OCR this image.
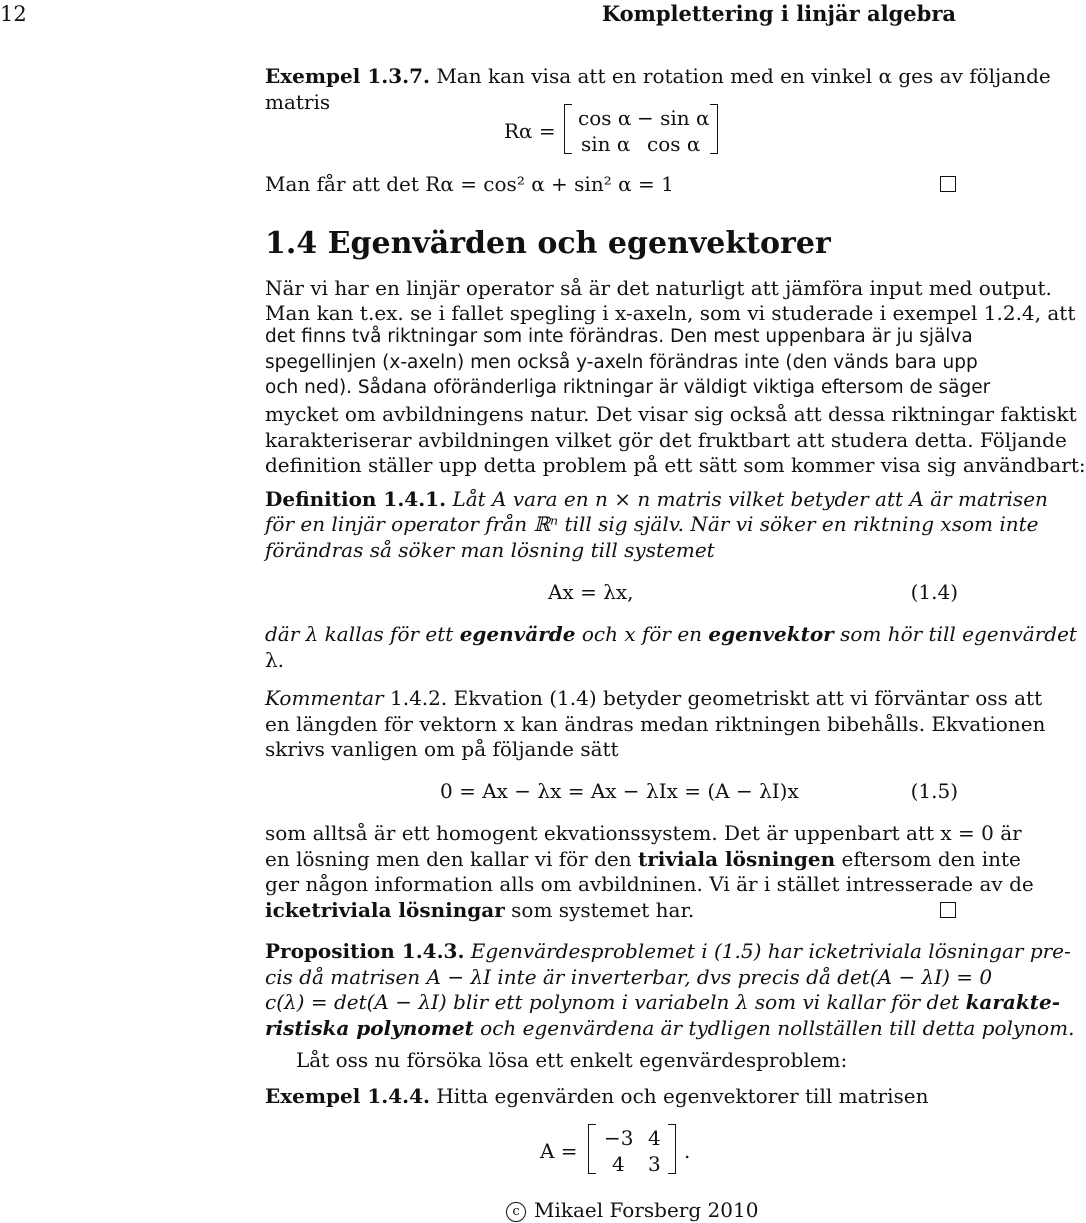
12	Komplettering i linjär algebra
Exempel 1.3.7. Man kan visa att en rotation med en vinkel α ges av följande
matris
Rα =
cos α − sin α
sin α cos α
Man får att det Rα = cos² α + sin² α = 1
1.4 Egenvärden och egenvektorer
När vi har en linjär operator så är det naturligt att jämföra input med output.
Man kan t.ex. se i fallet spegling i x-axeln, som vi studerade i exempel 1.2.4, att
det finns två riktningar som inte förändras. Den mest uppenbara är ju själva
spegellinjen (x-axeln) men också y-axeln förändras inte (den vänds bara upp
och ned). Sådana oföränderliga riktningar är väldigt viktiga eftersom de säger
mycket om avbildningens natur. Det visar sig också att dessa riktningar faktiskt
karakteriserar avbildningen vilket gör det fruktbart att studera detta. Följande
definition ställer upp detta problem på ett sätt som kommer visa sig användbart:
Definition 1.4.1. Låt A vara en n × n matris vilket betyder att A är matrisen
för en linjär operator från ℝⁿ till sig själv. När vi söker en riktning xsom inte
förändras så söker man lösning till systemet
Ax = λx,	(1.4)
där λ kallas för ett egenvärde och x för en egenvektor som hör till egenvärdet
λ.
Kommentar 1.4.2. Ekvation (1.4) betyder geometriskt att vi förväntar oss att
en längden för vektorn x kan ändras medan riktningen bibehålls. Ekvationen
skrivs vanligen om på följande sätt
0 = Ax − λx = Ax − λIx = (A − λI)x	(1.5)
som alltså är ett homogent ekvationssystem. Det är uppenbart att x = 0 är
en lösning men den kallar vi för den triviala lösningen eftersom den inte
ger någon information alls om avbildninen. Vi är i stället intresserade av de
icketriviala lösningar som systemet har.
Proposition 1.4.3. Egenvärdesproblemet i (1.5) har icketriviala lösningar pre-
cis då matrisen A − λI inte är inverterbar, dvs precis då det(A − λI) = 0
c(λ) = det(A − λI) blir ett polynom i variabeln λ som vi kallar för det karakte-
ristiska polynomet och egenvärdena är tydligen nollställen till detta polynom.
Låt oss nu försöka lösa ett enkelt egenvärdesproblem:
Exempel 1.4.4. Hitta egenvärden och egenvektorer till matrisen
A =
−3 4
4 3
.
c Mikael Forsberg 2010
